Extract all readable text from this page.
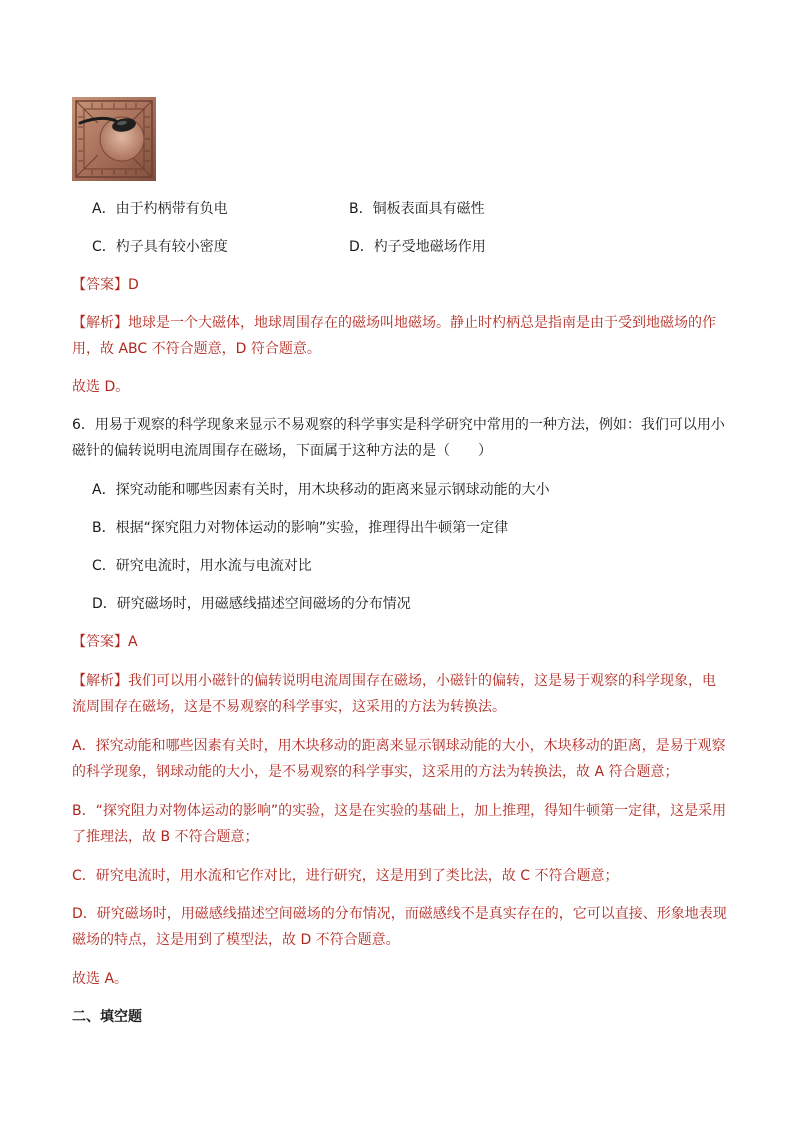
A．由于杓柄带有负电	B．铜板表面具有磁性
C．杓子具有较小密度	D．杓子受地磁场作用
【答案】D
【解析】地球是一个大磁体，地球周围存在的磁场叫地磁场。静止时杓柄总是指南是由于受到地磁场的作
用，故 ABC 不符合题意，D 符合题意。
故选 D。
6．用易于观察的科学现象来显示不易观察的科学事实是科学研究中常用的一种方法，例如：我们可以用小
磁针的偏转说明电流周围存在磁场，下面属于这种方法的是（　　）
A．探究动能和哪些因素有关时，用木块移动的距离来显示钢球动能的大小
B．根据“探究阻力对物体运动的影响”实验，推理得出牛顿第一定律
C．研究电流时，用水流与电流对比
D．研究磁场时，用磁感线描述空间磁场的分布情况
【答案】A
【解析】我们可以用小磁针的偏转说明电流周围存在磁场，小磁针的偏转，这是易于观察的科学现象，电
流周围存在磁场，这是不易观察的科学事实，这采用的方法为转换法。
A．探究动能和哪些因素有关时，用木块移动的距离来显示钢球动能的大小，木块移动的距离，是易于观察
的科学现象，钢球动能的大小，是不易观察的科学事实，这采用的方法为转换法，故 A 符合题意；
B．“探究阻力对物体运动的影响”的实验，这是在实验的基础上，加上推理，得知牛顿第一定律，这是采用
了推理法，故 B 不符合题意；
C．研究电流时，用水流和它作对比，进行研究，这是用到了类比法，故 C 不符合题意；
D．研究磁场时，用磁感线描述空间磁场的分布情况，而磁感线不是真实存在的，它可以直接、形象地表现
磁场的特点，这是用到了模型法，故 D 不符合题意。
故选 A。
二、填空题
